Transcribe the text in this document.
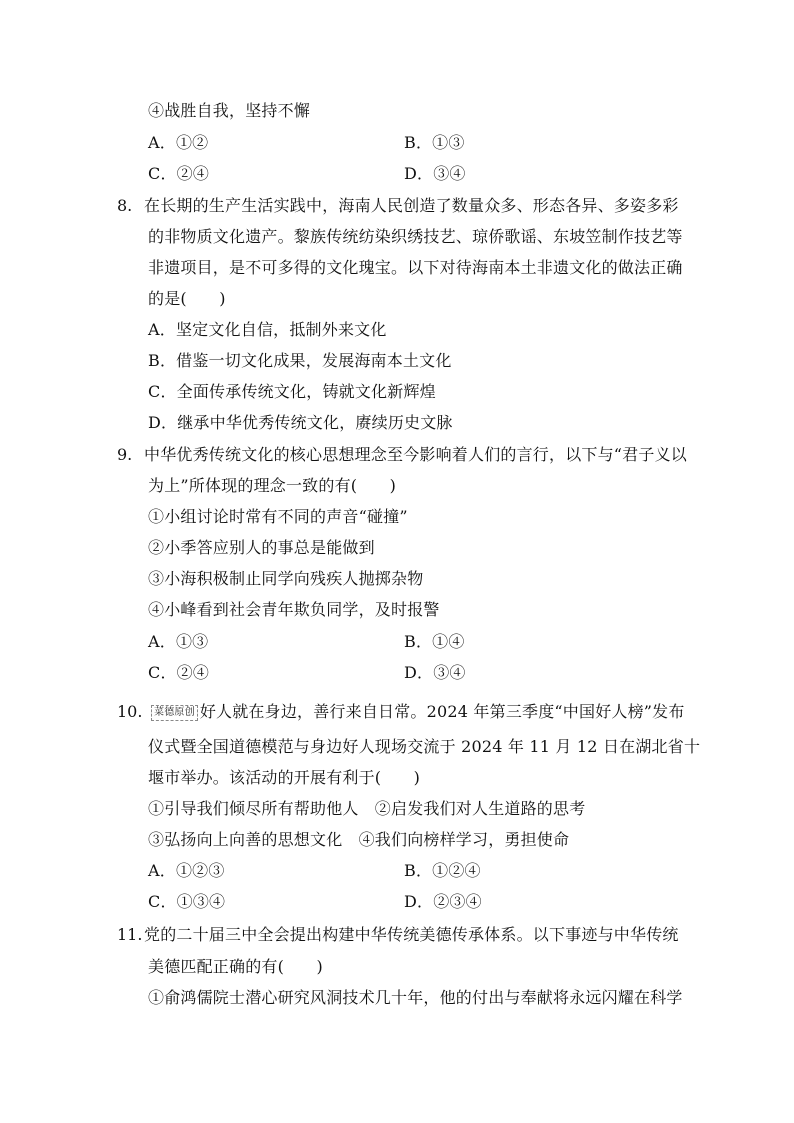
④战胜自我，坚持不懈
A．①②	B．①③
C．②④	D．③④
8. 在长期的生产生活实践中，海南人民创造了数量众多、形态各异、多姿多彩
的非物质文化遗产。黎族传统纺染织绣技艺、琼侨歌谣、东坡笠制作技艺等
非遗项目，是不可多得的文化瑰宝。以下对待海南本土非遗文化的做法正确
的是(　　)
A．坚定文化自信，抵制外来文化
B．借鉴一切文化成果，发展海南本土文化
C．全面传承传统文化，铸就文化新辉煌
D．继承中华优秀传统文化，赓续历史文脉
9. 中华优秀传统文化的核心思想理念至今影响着人们的言行，以下与“君子义以
为上”所体现的理念一致的有(　　)
①小组讨论时常有不同的声音“碰撞”
②小季答应别人的事总是能做到
③小海积极制止同学向残疾人抛掷杂物
④小峰看到社会青年欺负同学，及时报警
A．①③	B．①④
C．②④	D．③④
10.	菜德原创 好人就在身边，善行来自日常。2024 年第三季度“中国好人榜”发布
仪式暨全国道德模范与身边好人现场交流于 2024 年 11 月 12 日在湖北省十
堰市举办。该活动的开展有利于(　　)
①引导我们倾尽所有帮助他人　②启发我们对人生道路的思考
③弘扬向上向善的思想文化　④我们向榜样学习，勇担使命
A．①②③	B．①②④
C．①③④	D．②③④
11. 党的二十届三中全会提出构建中华传统美德传承体系。以下事迹与中华传统
美德匹配正确的有(　　)
①俞鸿儒院士潜心研究风洞技术几十年，他的付出与奉献将永远闪耀在科学
